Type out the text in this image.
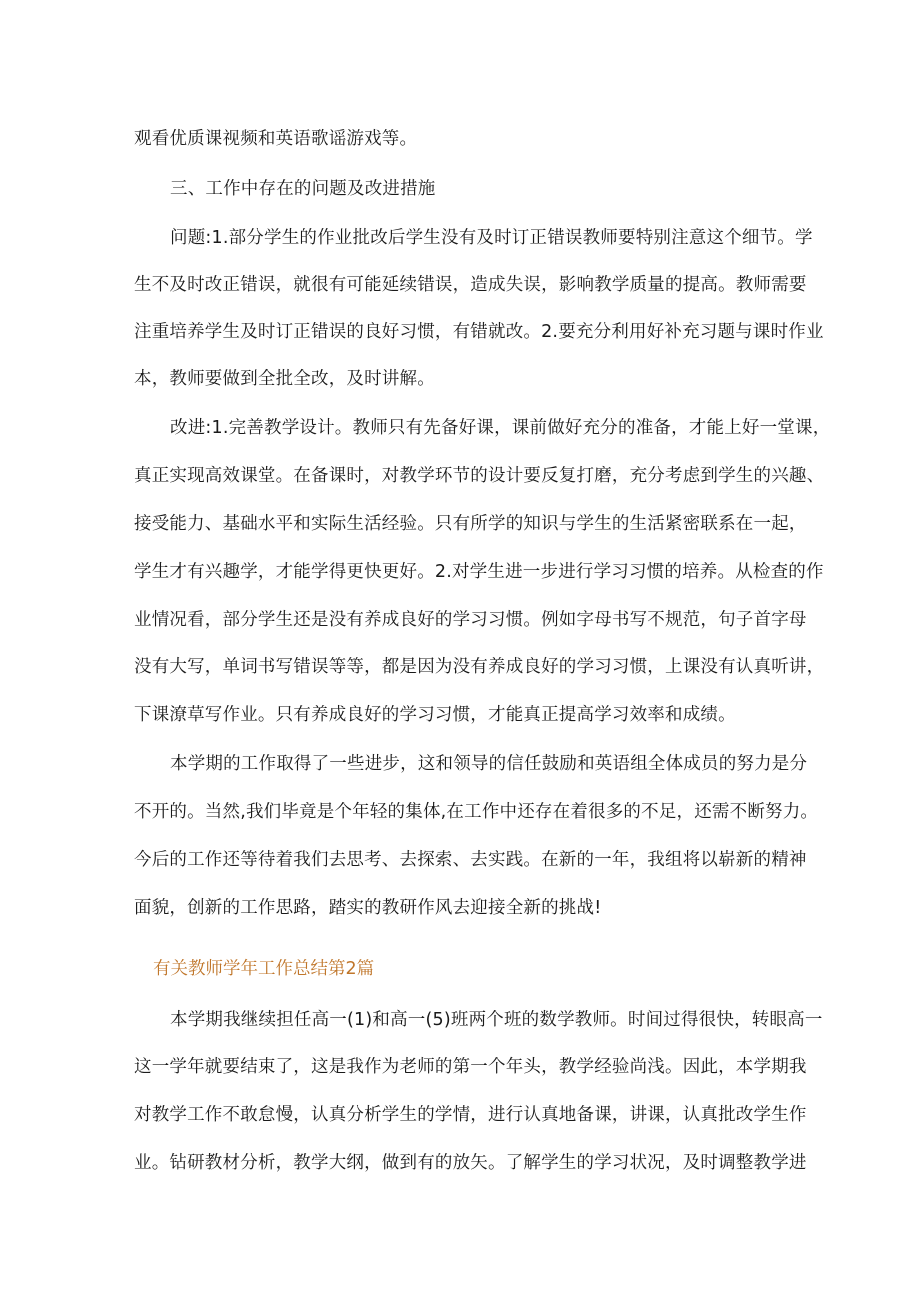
观看优质课视频和英语歌谣游戏等。
三、工作中存在的问题及改进措施
问题:1.部分学生的作业批改后学生没有及时订正错误教师要特别注意这个细节。学
生不及时改正错误，就很有可能延续错误，造成失误，影响教学质量的提高。教师需要
注重培养学生及时订正错误的良好习惯，有错就改。2.要充分利用好补充习题与课时作业
本，教师要做到全批全改，及时讲解。
改进:1.完善教学设计。教师只有先备好课，课前做好充分的准备，才能上好一堂课，
真正实现高效课堂。在备课时，对教学环节的设计要反复打磨，充分考虑到学生的兴趣、
接受能力、基础水平和实际生活经验。只有所学的知识与学生的生活紧密联系在一起，
学生才有兴趣学，才能学得更快更好。2.对学生进一步进行学习习惯的培养。从检查的作
业情况看，部分学生还是没有养成良好的学习习惯。例如字母书写不规范，句子首字母
没有大写，单词书写错误等等，都是因为没有养成良好的学习习惯，上课没有认真听讲，
下课潦草写作业。只有养成良好的学习习惯，才能真正提高学习效率和成绩。
本学期的工作取得了一些进步，这和领导的信任鼓励和英语组全体成员的努力是分
不开的。当然,我们毕竟是个年轻的集体,在工作中还存在着很多的不足，还需不断努力。
今后的工作还等待着我们去思考、去探索、去实践。在新的一年，我组将以崭新的精神
面貌，创新的工作思路，踏实的教研作风去迎接全新的挑战!
有关教师学年工作总结第2篇
本学期我继续担任高一(1)和高一(5)班两个班的数学教师。时间过得很快，转眼高一
这一学年就要结束了，这是我作为老师的第一个年头，教学经验尚浅。因此，本学期我
对教学工作不敢怠慢，认真分析学生的学情，进行认真地备课，讲课，认真批改学生作
业。钻研教材分析，教学大纲，做到有的放矢。了解学生的学习状况，及时调整教学进
